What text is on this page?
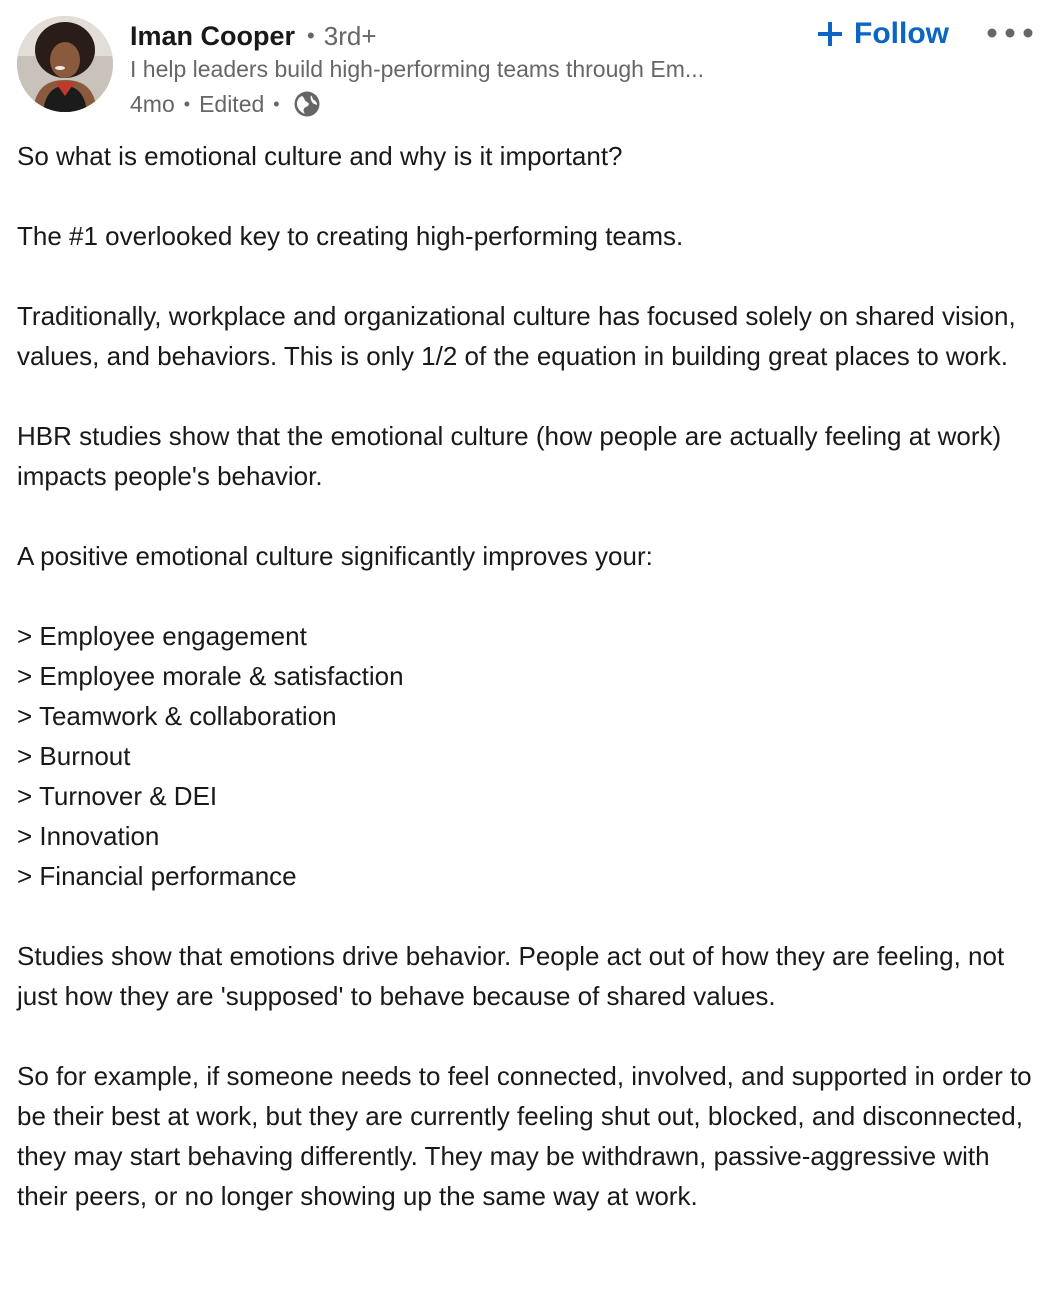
Iman Cooper • 3rd+
I help leaders build high-performing teams through Em...
4mo • Edited •
Follow

So what is emotional culture and why is it important?

The #1 overlooked key to creating high-performing teams.

Traditionally, workplace and organizational culture has focused solely on shared vision, values, and behaviors. This is only 1/2 of the equation in building great places to work.

HBR studies show that the emotional culture (how people are actually feeling at work) impacts people's behavior.

A positive emotional culture significantly improves your:

> Employee engagement
> Employee morale & satisfaction
> Teamwork & collaboration
> Burnout
> Turnover & DEI
> Innovation
> Financial performance

Studies show that emotions drive behavior. People act out of how they are feeling, not just how they are 'supposed' to behave because of shared values.

So for example, if someone needs to feel connected, involved, and supported in order to be their best at work, but they are currently feeling shut out, blocked, and disconnected, they may start behaving differently. They may be withdrawn, passive-aggressive with their peers, or no longer showing up the same way at work.
